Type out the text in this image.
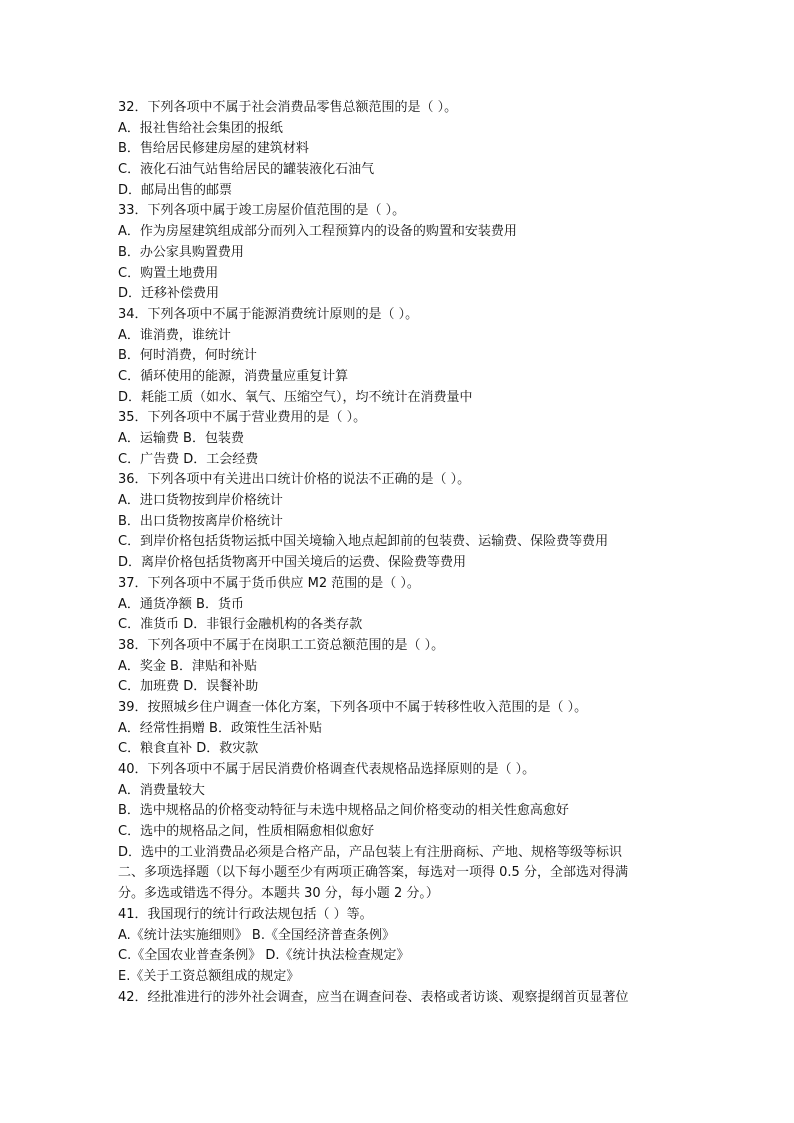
32．下列各项中不属于社会消费品零售总额范围的是（ ）。
A．报社售给社会集团的报纸
B．售给居民修建房屋的建筑材料
C．液化石油气站售给居民的罐装液化石油气
D．邮局出售的邮票
33．下列各项中属于竣工房屋价值范围的是（ ）。
A．作为房屋建筑组成部分而列入工程预算内的设备的购置和安装费用
B．办公家具购置费用
C．购置土地费用
D．迁移补偿费用
34．下列各项中不属于能源消费统计原则的是（ ）。
A．谁消费，谁统计
B．何时消费，何时统计
C．循环使用的能源，消费量应重复计算
D．耗能工质（如水、氧气、压缩空气），均不统计在消费量中
35．下列各项中不属于营业费用的是（ ）。
A．运输费 B．包装费
C．广告费 D．工会经费
36．下列各项中有关进出口统计价格的说法不正确的是（ ）。
A．进口货物按到岸价格统计
B．出口货物按离岸价格统计
C．到岸价格包括货物运抵中国关境输入地点起卸前的包装费、运输费、保险费等费用
D．离岸价格包括货物离开中国关境后的运费、保险费等费用
37．下列各项中不属于货币供应 M2 范围的是（ ）。
A．通货净额 B．货币
C．准货币 D．非银行金融机构的各类存款
38．下列各项中不属于在岗职工工资总额范围的是（ ）。
A．奖金 B．津贴和补贴
C．加班费 D．误餐补助
39．按照城乡住户调查一体化方案，下列各项中不属于转移性收入范围的是（ ）。
A．经常性捐赠 B．政策性生活补贴
C．粮食直补 D．救灾款
40．下列各项中不属于居民消费价格调查代表规格品选择原则的是（ ）。
A．消费量较大
B．选中规格品的价格变动特征与未选中规格品之间价格变动的相关性愈高愈好
C．选中的规格品之间，性质相隔愈相似愈好
D．选中的工业消费品必须是合格产品，产品包装上有注册商标、产地、规格等级等标识
二、多项选择题（以下每小题至少有两项正确答案，每选对一项得 0.5 分，全部选对得满
分。多选或错选不得分。本题共 30 分，每小题 2 分。）
41．我国现行的统计行政法规包括（ ）等。
A.《统计法实施细则》 B.《全国经济普查条例》
C.《全国农业普查条例》 D.《统计执法检查规定》
E.《关于工资总额组成的规定》
42．经批准进行的涉外社会调查，应当在调查问卷、表格或者访谈、观察提纲首页显著位
